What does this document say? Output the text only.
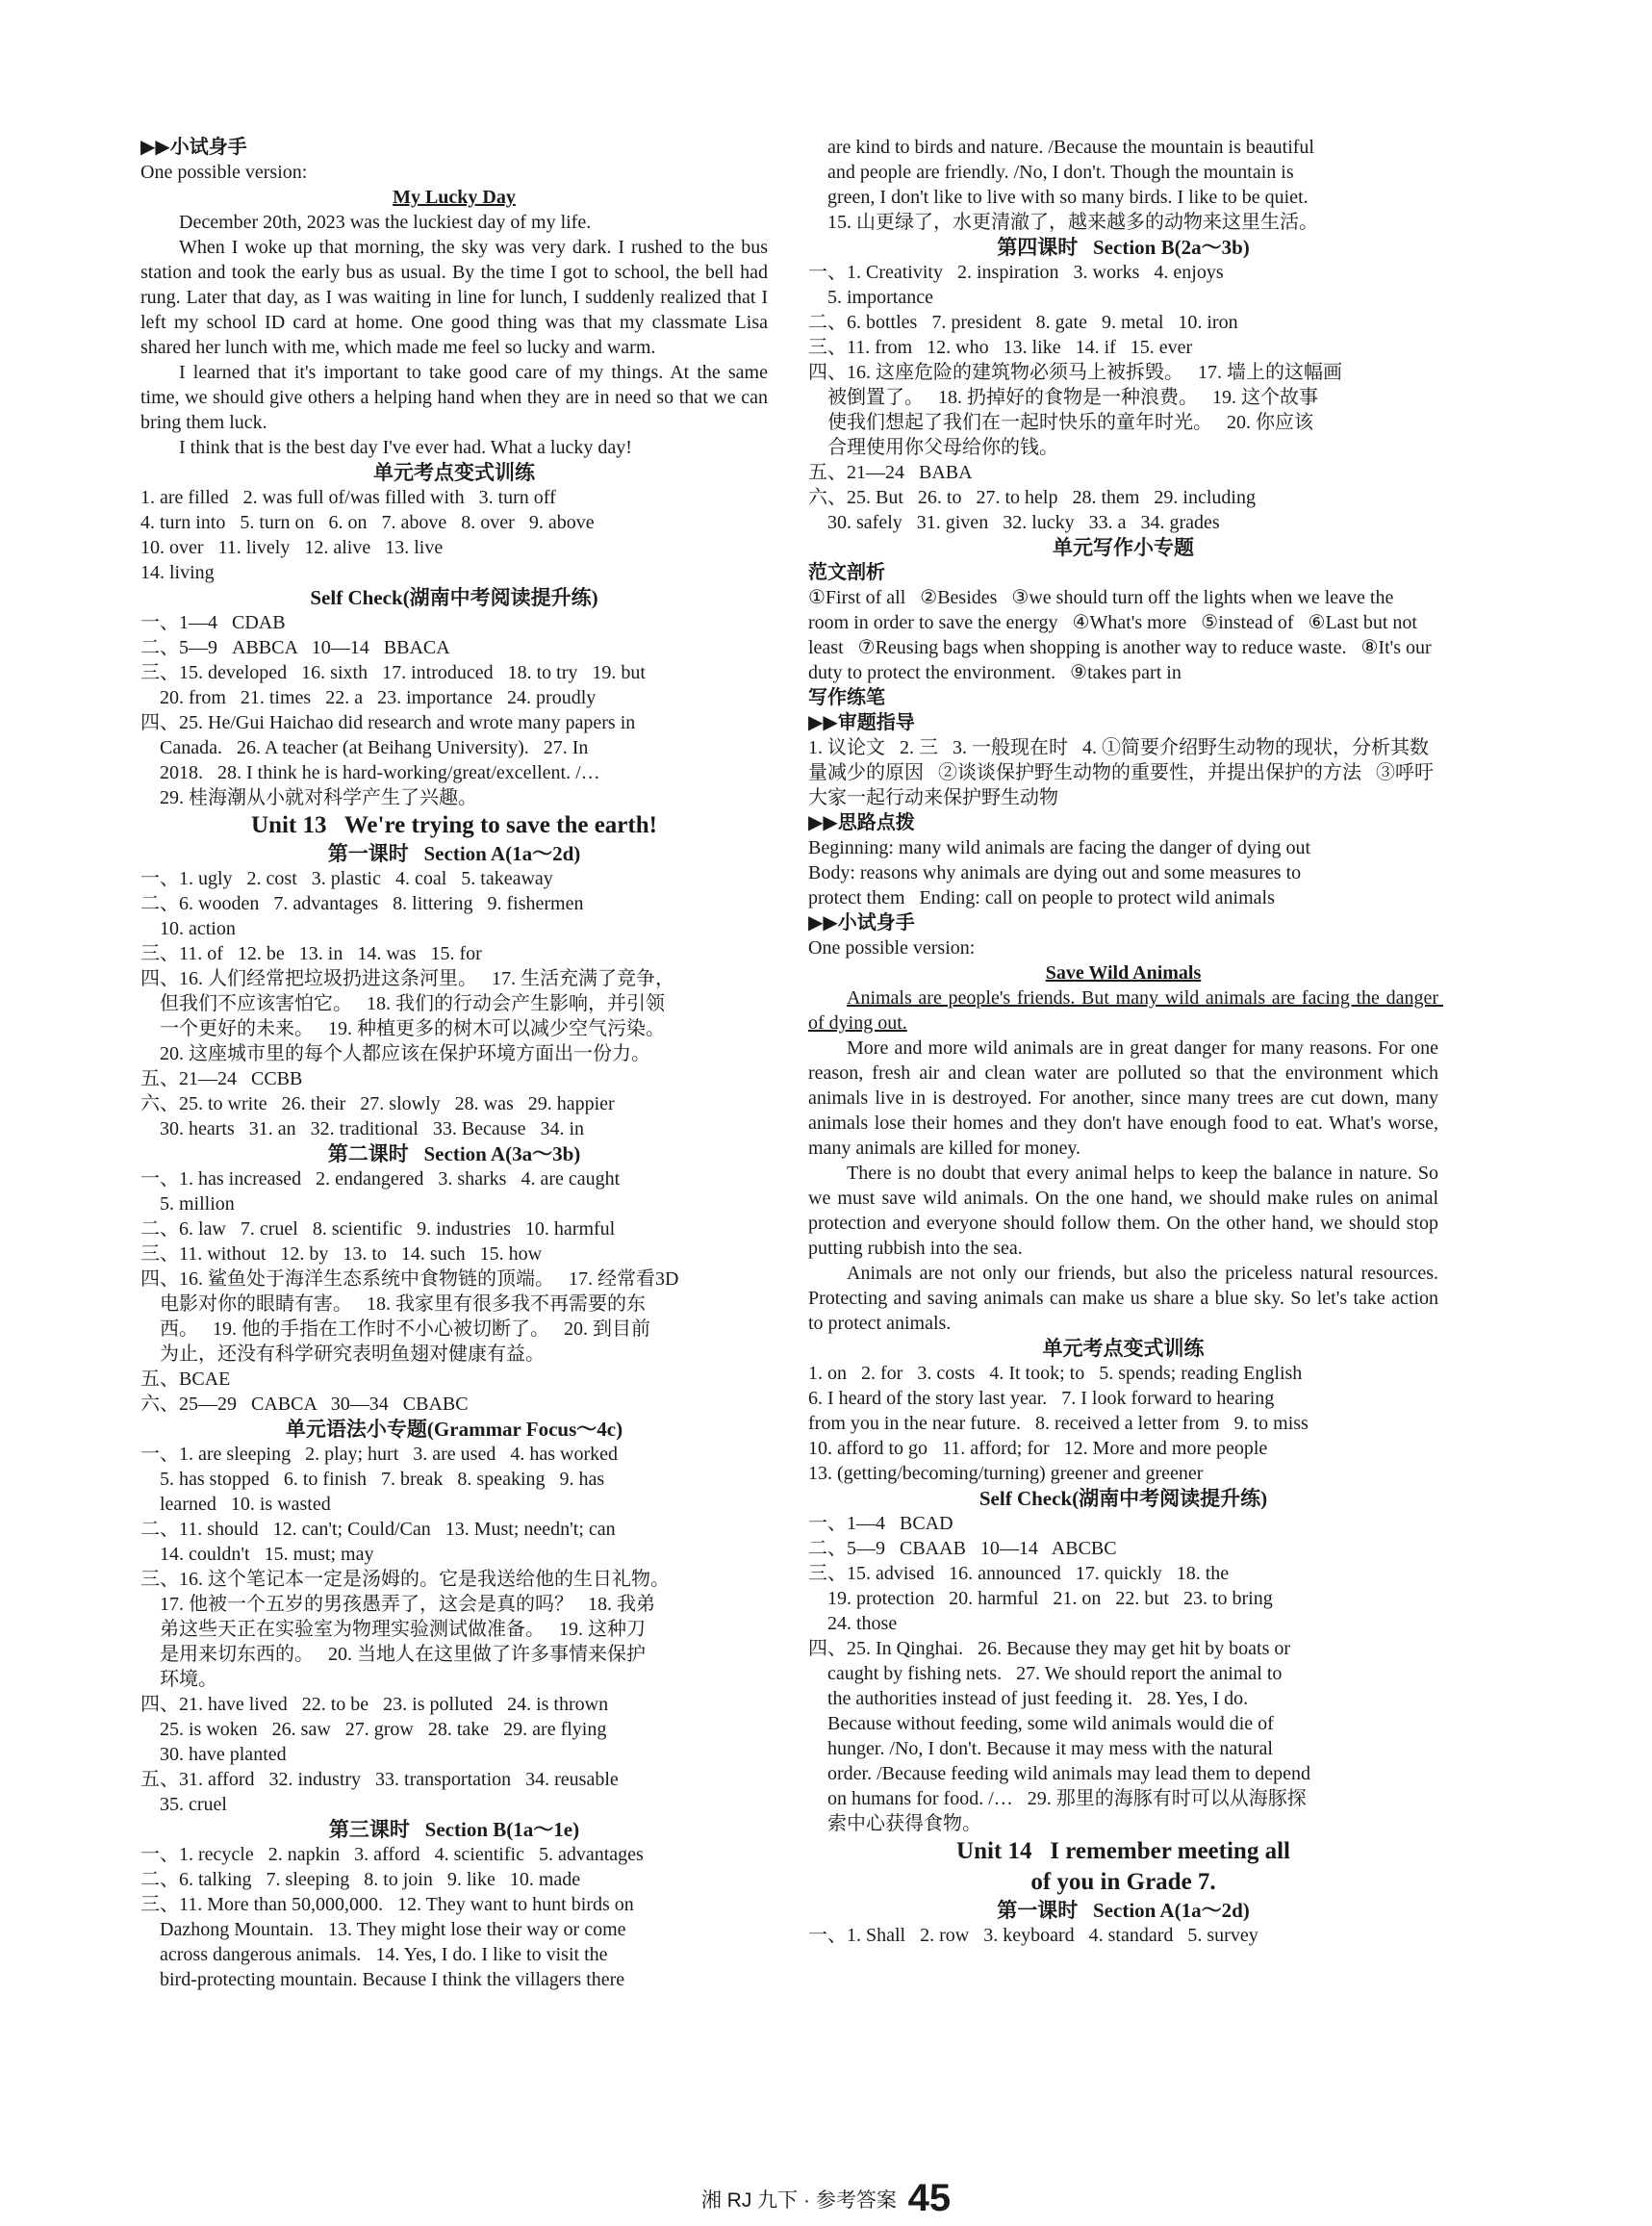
▶▶小试身手
One possible version:
My Lucky Day
December 20th, 2023 was the luckiest day of my life.
When I woke up that morning, the sky was very dark. I rushed to the bus station and took the early bus as usual. By the time I got to school, the bell had rung. Later that day, as I was waiting in line for lunch, I suddenly realized that I left my school ID card at home. One good thing was that my classmate Lisa shared her lunch with me, which made me feel so lucky and warm.
I learned that it's important to take good care of my things. At the same time, we should give others a helping hand when they are in need so that we can bring them luck.
I think that is the best day I've ever had. What a lucky day!
单元考点变式训练
1. are filled   2. was full of/was filled with   3. turn off
4. turn into   5. turn on   6. on   7. above   8. over   9. above
10. over   11. lively   12. alive   13. live
14. living
Self Check(湖南中考阅读提升练)
一、1—4   CDAB
二、5—9   ABBCA   10—14   BBACA
三、15. developed   16. sixth   17. introduced   18. to try   19. but
20. from   21. times   22. a   23. importance   24. proudly
四、25. He/Gui Haichao did research and wrote many papers in
Canada.   26. A teacher (at Beihang University).   27. In
2018.   28. I think he is hard-working/great/excellent. /…
29. 桂海潮从小就对科学产生了兴趣。
Unit 13   We're trying to save the earth!
第一课时   Section A(1a～2d)
一、1. ugly   2. cost   3. plastic   4. coal   5. takeaway
二、6. wooden   7. advantages   8. littering   9. fishermen
10. action
三、11. of   12. be   13. in   14. was   15. for
四、16. 人们经常把垃圾扔进这条河里。   17. 生活充满了竞争，
但我们不应该害怕它。   18. 我们的行动会产生影响，并引领
一个更好的未来。   19. 种植更多的树木可以减少空气污染。
20. 这座城市里的每个人都应该在保护环境方面出一份力。
五、21—24   CCBB
六、25. to write   26. their   27. slowly   28. was   29. happier
30. hearts   31. an   32. traditional   33. Because   34. in
第二课时   Section A(3a～3b)
一、1. has increased   2. endangered   3. sharks   4. are caught
5. million
二、6. law   7. cruel   8. scientific   9. industries   10. harmful
三、11. without   12. by   13. to   14. such   15. how
四、16. 鲨鱼处于海洋生态系统中食物链的顶端。   17. 经常看3D
电影对你的眼睛有害。   18. 我家里有很多我不再需要的东
西。   19. 他的手指在工作时不小心被切断了。   20. 到目前
为止，还没有科学研究表明鱼翅对健康有益。
五、BCAE
六、25—29   CABCA   30—34   CBABC
单元语法小专题(Grammar Focus～4c)
一、1. are sleeping   2. play; hurt   3. are used   4. has worked
5. has stopped   6. to finish   7. break   8. speaking   9. has
learned   10. is wasted
二、11. should   12. can't; Could/Can   13. Must; needn't; can
14. couldn't   15. must; may
三、16. 这个笔记本一定是汤姆的。它是我送给他的生日礼物。
17. 他被一个五岁的男孩愚弄了，这会是真的吗？   18. 我弟
弟这些天正在实验室为物理实验测试做准备。   19. 这种刀
是用来切东西的。   20. 当地人在这里做了许多事情来保护
环境。
四、21. have lived   22. to be   23. is polluted   24. is thrown
25. is woken   26. saw   27. grow   28. take   29. are flying
30. have planted
五、31. afford   32. industry   33. transportation   34. reusable
35. cruel
第三课时   Section B(1a～1e)
一、1. recycle   2. napkin   3. afford   4. scientific   5. advantages
二、6. talking   7. sleeping   8. to join   9. like   10. made
三、11. More than 50,000,000.   12. They want to hunt birds on
Dazhong Mountain.   13. They might lose their way or come
across dangerous animals.   14. Yes, I do. I like to visit the
bird-protecting mountain. Because I think the villagers there
are kind to birds and nature. /Because the mountain is beautiful
and people are friendly. /No, I don't. Though the mountain is
green, I don't like to live with so many birds. I like to be quiet.
15. 山更绿了，水更清澈了，越来越多的动物来这里生活。
第四课时   Section B(2a～3b)
一、1. Creativity   2. inspiration   3. works   4. enjoys
5. importance
二、6. bottles   7. president   8. gate   9. metal   10. iron
三、11. from   12. who   13. like   14. if   15. ever
四、16. 这座危险的建筑物必须马上被拆毁。   17. 墙上的这幅画
被倒置了。   18. 扔掉好的食物是一种浪费。   19. 这个故事
使我们想起了我们在一起时快乐的童年时光。   20. 你应该
合理使用你父母给你的钱。
五、21—24   BABA
六、25. But   26. to   27. to help   28. them   29. including
30. safely   31. given   32. lucky   33. a   34. grades
单元写作小专题
范文剖析
①First of all   ②Besides   ③we should turn off the lights when we leave the room in order to save the energy   ④What's more   ⑤instead of   ⑥Last but not least   ⑦Reusing bags when shopping is another way to reduce waste.   ⑧It's our duty to protect the environment.   ⑨takes part in
写作练笔
▶▶审题指导
1. 议论文   2. 三   3. 一般现在时   4. ①简要介绍野生动物的现状，分析其数量减少的原因   ②谈谈保护野生动物的重要性，并提出保护的方法   ③呼吁大家一起行动来保护野生动物
▶▶思路点拨
Beginning: many wild animals are facing the danger of dying out
Body: reasons why animals are dying out and some measures to
protect them   Ending: call on people to protect wild animals
▶▶小试身手
One possible version:
Save Wild Animals
Animals are people's friends. But many wild animals are facing the danger of dying out.
More and more wild animals are in great danger for many reasons. For one reason, fresh air and clean water are polluted so that the environment which animals live in is destroyed. For another, since many trees are cut down, many animals lose their homes and they don't have enough food to eat. What's worse, many animals are killed for money.
There is no doubt that every animal helps to keep the balance in nature. So we must save wild animals. On the one hand, we should make rules on animal protection and everyone should follow them. On the other hand, we should stop putting rubbish into the sea.
Animals are not only our friends, but also the priceless natural resources. Protecting and saving animals can make us share a blue sky. So let's take action to protect animals.
单元考点变式训练
1. on   2. for   3. costs   4. It took; to   5. spends; reading English
6. I heard of the story last year.   7. I look forward to hearing
from you in the near future.   8. received a letter from   9. to miss
10. afford to go   11. afford; for   12. More and more people
13. (getting/becoming/turning) greener and greener
Self Check(湖南中考阅读提升练)
一、1—4   BCAD
二、5—9   CBAAB   10—14   ABCBC
三、15. advised   16. announced   17. quickly   18. the
19. protection   20. harmful   21. on   22. but   23. to bring
24. those
四、25. In Qinghai.   26. Because they may get hit by boats or
caught by fishing nets.   27. We should report the animal to
the authorities instead of just feeding it.   28. Yes, I do.
Because without feeding, some wild animals would die of
hunger. /No, I don't. Because it may mess with the natural
order. /Because feeding wild animals may lead them to depend
on humans for food. /…   29. 那里的海豚有时可以从海豚探
索中心获得食物。
Unit 14   I remember meeting all
of you in Grade 7.
第一课时   Section A(1a～2d)
一、1. Shall   2. row   3. keyboard   4. standard   5. survey
湘 RJ 九下 · 参考答案 45
